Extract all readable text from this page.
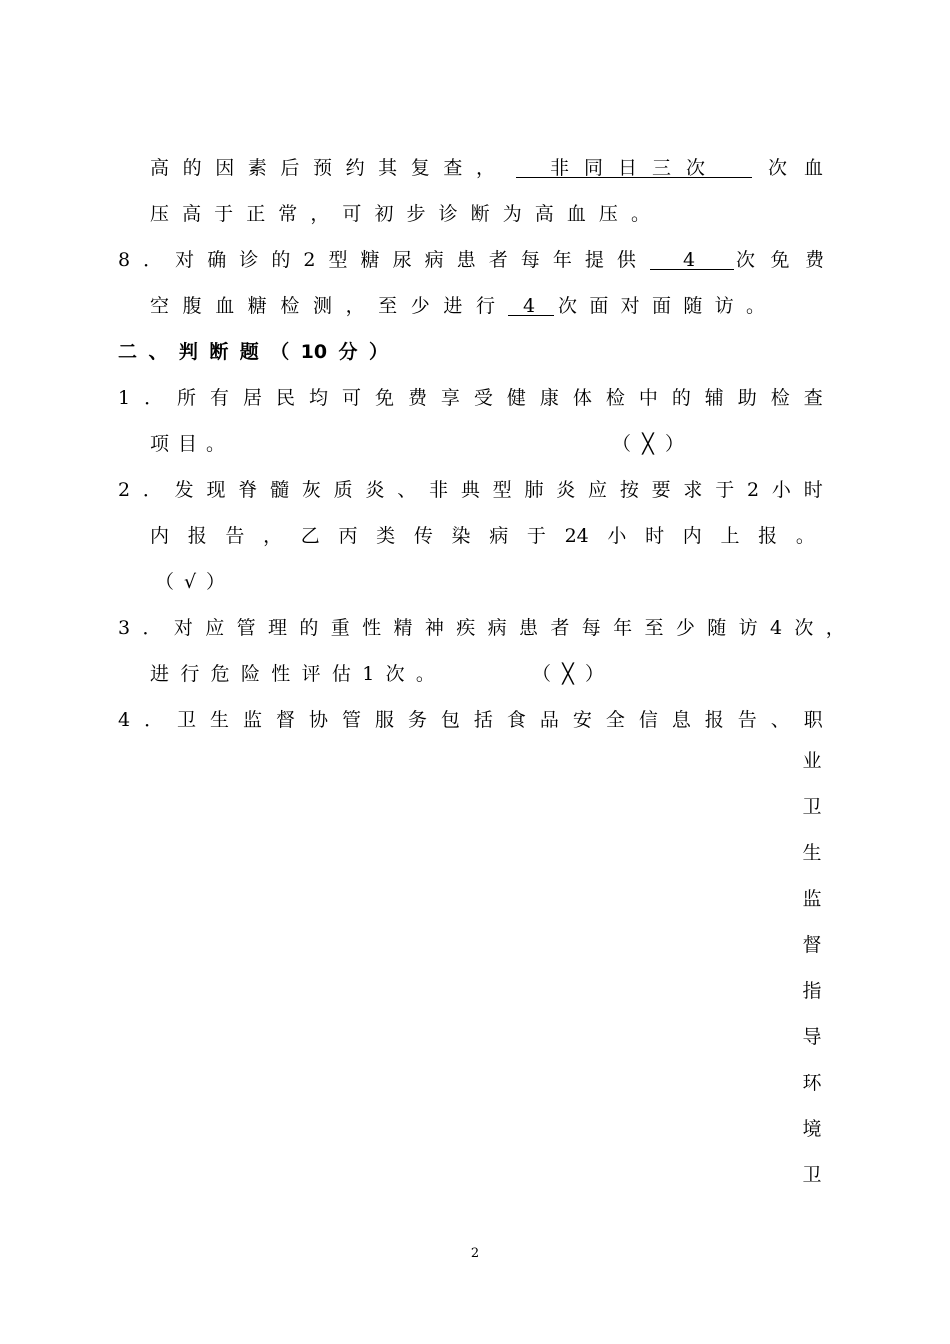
高 的 因 素 后 预 约 其 复 查 ，	非 同 日 三 次	次 血
压 高 于 正 常 ， 可 初 步 诊 断 为 高 血 压 。
8 ． 对 确 诊 的 2 型 糖 尿 病 患 者 每 年 提 供 4 次 免 费
空 腹 血 糖 检 测 ， 至 少 进 行 4 次 面 对 面 随 访 。
1 ． 所 有 居 民 均 可 免 费 享 受 健 康 体 检 中 的 辅 助 检 查
项 目 。	（ ╳ ）
2 ． 发 现 脊 髓 灰 质 炎 、 非 典 型 肺 炎 应 按 要 求 于 2 小 时
内 报 告 ， 乙 丙 类 传 染 病 于 24 小 时 内 上 报 。
（ √ ）
3 ． 对 应 管 理 的 重 性 精 神 疾 病 患 者 每 年 至 少 随 访 4 次 ，
进 行 危 险 性 评 估 1 次 。	（ ╳ ）
4 ． 卫 生 监 督 协 管 服 务 包 括 食 品 安 全 信 息 报 告 、 职
二 、 判 断 题 （ 10 分 ）
业
卫
生
监
督
指
导
环
境
卫
2
